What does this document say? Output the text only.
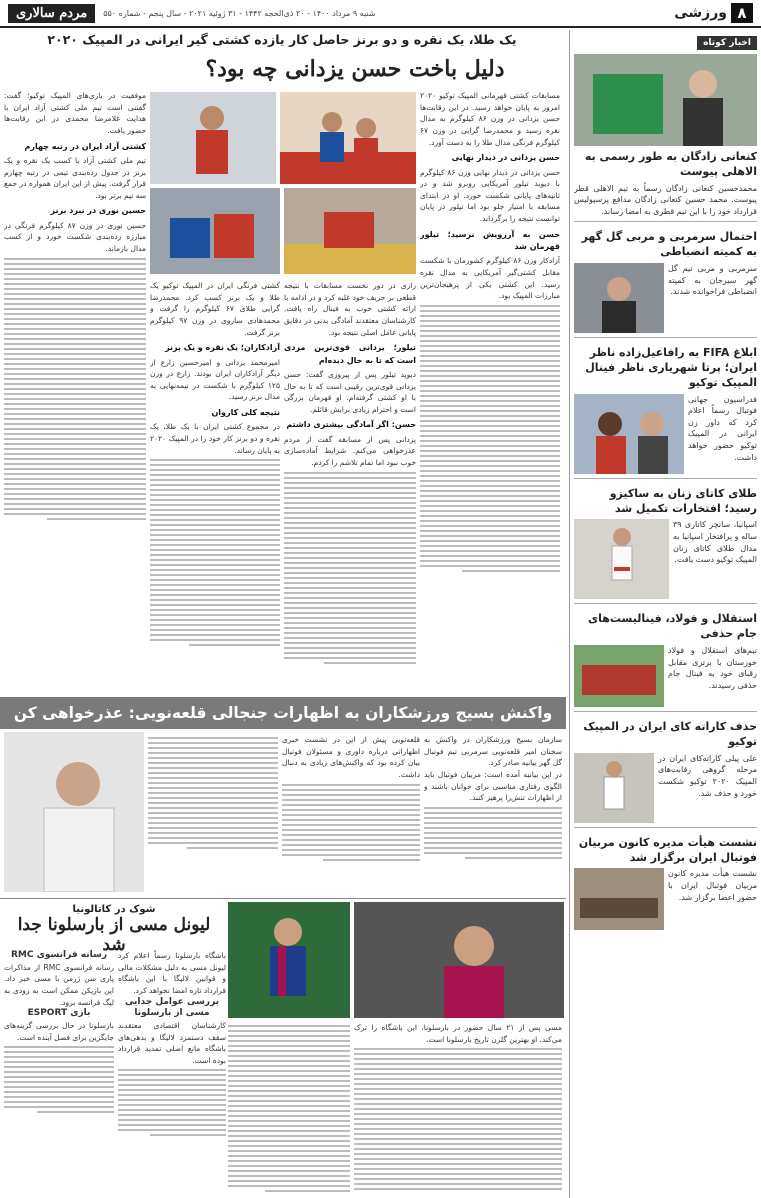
۸
ورزشی
شنبه ۹ مرداد ۱۴۰۰ - ۲۰ ذی‌الحجه ۱۴۴۲ - ۳۱ ژوئیه ۲۰۲۱ - سال پنجم - شماره ۵۵۰
مردم سالاری
اخبار کوتاه
کنعانی زادگان به طور رسمی به الاهلی پیوست
محمدحسین کنعانی زادگان رسماً به تیم الاهلی قطر پیوست. محمد حسین کنعانی زادگان مدافع پرسپولیس قرارداد خود را با این تیم قطری به امضا رساند.
احتمال سرمربی و مربی گل گهر به کمیته انضباطی
سرمربی و مربی تیم گل گهر سیرجان به کمیته انضباطی فراخوانده شدند.
ابلاغ FIFA به رافاعیل‌زاده ناظر ایران؛ پرتا شهریاری ناظر فینال المپیک توکیو
فدراسیون جهانی فوتبال رسماً اعلام کرد که داور زن ایرانی در المپیک توکیو حضور خواهد داشت.
طلای کاتای زنان به ساکیزو رسید؛ افتخارات تکمیل شد
اسپانیا، سانچز کاتاری ۳۹ ساله و پرافتخار اسپانیا به مدال طلای کاتای زنان المپیک توکیو دست یافت.
استقلال و فولاد، فینالیست‌های جام حذفی
تیم‌های استقلال و فولاد خوزستان با برتری مقابل رقبای خود به فینال جام حذفی رسیدند.
حذف کاراته کای ایران در المپیک توکیو
علی پیلی کاراته‌کای ایران در مرحله گروهی رقابت‌های المپیک ۲۰۲۰ توکیو شکست خورد و حذف شد.
نشست هیأت مدیره کانون مربیان فوتبال ایران برگزار شد
نشست هیأت مدیره کانون مربیان فوتبال ایران با حضور اعضا برگزار شد.
یک طلا، یک نقره و دو برنز حاصل کار یازده کشتی گیر ایرانی در المپیک ۲۰۲۰
دلیل باخت حسن یزدانی چه بود؟
مسابقات کشتی قهرمانی المپیک توکیو ۲۰۲۰ امروز به پایان خواهد رسید. در این رقابت‌ها حسن یزدانی در وزن ۸۶ کیلوگرم به مدال نقره رسید و محمدرضا گرایی در وزن ۶۷ کیلوگرم فرنگی مدال طلا را به دست آورد.
حسن یزدانی در دیدار نهایی
حسن یزدانی در دیدار نهایی وزن ۸۶ کیلوگرم با دیوید تیلور آمریکایی روبرو شد و در ثانیه‌های پایانی شکست خورد. او در ابتدای مسابقه با امتیاز جلو بود اما تیلور در پایان توانست نتیجه را برگرداند.
حسن به آرزویش نرسید؛ تیلور قهرمان شد
آزادکار وزن ۸۶ کیلوگرم کشورمان با شکست مقابل کشتی‌گیر آمریکایی به مدال نقره رسید. این کشتی یکی از پرهیجان‌ترین مبارزات المپیک بود.
رازی در دور نخست مسابقات با نتیجه قطعی بر حریف خود غلبه کرد و در ادامه با ارائه کشتی خوب به فینال راه یافت. کارشناسان معتقدند آمادگی بدنی در دقایق پایانی عامل اصلی نتیجه بود.
تیلور؛ یزدانی قوی‌ترین مردی است که تا به حال دیده‌ام
دیوید تیلور پس از پیروزی گفت: حسن یزدانی قوی‌ترین رقیبی است که تا به حال با او کشتی گرفته‌ام. او قهرمان بزرگی است و احترام زیادی برایش قائلم.
حسن: اگر آمادگی بیشتری داشتم
یزدانی پس از مسابقه گفت از مردم عذرخواهی می‌کنم. شرایط آماده‌سازی خوب نبود اما تمام تلاشم را کردم.
کشتی فرنگی ایران در المپیک توکیو یک طلا و یک برنز کسب کرد. محمدرضا گرایی طلای ۶۷ کیلوگرم را گرفت و محمدهادی ساروی در وزن ۹۷ کیلوگرم برنز گرفت.
آزادکاران؛ یک نقره و یک برنز
امیرمحمد یزدانی و امیرحسین زارع از دیگر آزادکاران ایران بودند. زارع در وزن ۱۲۵ کیلوگرم با شکست در نیمه‌نهایی به مدال برنز رسید.
نتیجه کلی کاروان
در مجموع کشتی ایران با یک طلا، یک نقره و دو برنز کار خود را در المپیک ۲۰۲۰ به پایان رساند.
موفقیت در بازی‌های المپیک توکیو؛ گفت: گفتنی است تیم ملی کشتی آزاد ایران با هدایت غلامرضا محمدی در این رقابت‌ها حضور یافت.
کشتی آزاد ایران در رتبه چهارم
تیم ملی کشتی آزاد با کسب یک نقره و یک برنز در جدول رده‌بندی تیمی در رتبه چهارم قرار گرفت. پیش از این ایران همواره در جمع سه تیم برتر بود.
حسین نوری در نبرد برنز
حسین نوری در وزن ۸۷ کیلوگرم فرنگی در مبارزه رده‌بندی شکست خورد و از کسب مدال بازماند.
واکنش بسیج ورزشکاران به اظهارات جنجالی قلعه‌نویی: عذرخواهی کن
سازمان بسیج ورزشکاران در واکنش به سخنان امیر قلعه‌نویی سرمربی تیم فوتبال گل گهر بیانیه صادر کرد.
در این بیانیه آمده است: مربیان فوتبال باید الگوی رفتاری مناسبی برای جوانان باشند و از اظهارات تنش‌زا پرهیز کنند.
قلعه‌نویی پیش از این در نشست خبری اظهاراتی درباره داوری و مسئولان فوتبال بیان کرده بود که واکنش‌های زیادی به دنبال داشت.
شوک در کاتالونیا
لیونل مسی از بارسلونا جدا شد
باشگاه بارسلونا رسماً اعلام کرد لیونل مسی به دلیل مشکلات مالی و قوانین لالیگا با این باشگاه قرارداد تازه امضا نخواهد کرد.
بررسی عوامل جدایی مسی از بارسلونا
کارشناسان اقتصادی معتقدند سقف دستمزد لالیگا و بدهی‌های باشگاه مانع اصلی تمدید قرارداد بوده است.
رسانه فرانسوی RMC
رسانه فرانسوی RMC از مذاکرات پاری سن ژرمن با مسی خبر داد. این بازیکن ممکن است به زودی به لیگ فرانسه برود.
بازی ESPORT
بارسلونا در حال بررسی گزینه‌های جایگزین برای فصل آینده است.
مسی پس از ۲۱ سال حضور در بارسلونا، این باشگاه را ترک می‌کند. او بهترین گلزن تاریخ بارسلونا است.
